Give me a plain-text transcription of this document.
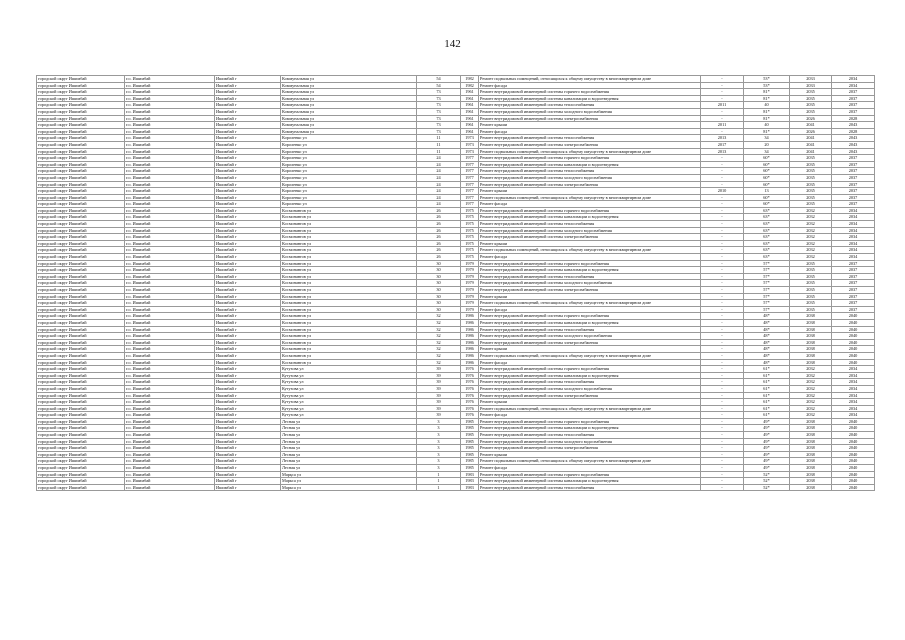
142
городской округ Ишимбай	г.о. Ишимбай	Ишимбай г	Коммунальная ул	54	1982	Ремонт подвальных помещений, относящихся к общему имуществу в многоквартирном доме	-	53*	2033	2034
городской округ Ишимбай	г.о. Ишимбай	Ишимбай г	Коммунальная ул	54	1982	Ремонт фасада	-	53*	2033	2034
городской округ Ишимбай	г.о. Ишимбай	Ишимбай г	Коммунальная ул	73	1961	Ремонт внутридомовой инженерной системы горячего водоснабжения	-	81*	2035	2037
городской округ Ишимбай	г.о. Ишимбай	Ишимбай г	Коммунальная ул	73	1961	Ремонт внутридомовой инженерной системы канализации и водоотведения	-	81*	2035	2037
городской округ Ишимбай	г.о. Ишимбай	Ишимбай г	Коммунальная ул	73	1961	Ремонт внутридомовой инженерной системы теплоснабжения	2011	40	2035	2037
городской округ Ишимбай	г.о. Ишимбай	Ишимбай г	Коммунальная ул	73	1961	Ремонт внутридомовой инженерной системы холодного водоснабжения	-	81*	2035	2037
городской округ Ишимбай	г.о. Ишимбай	Ишимбай г	Коммунальная ул	73	1961	Ремонт внутридомовой инженерной системы электроснабжения	-	81*	2026	2028
городской округ Ишимбай	г.о. Ишимбай	Ишимбай г	Коммунальная ул	73	1961	Ремонт крыши	2011	40	2041	2043
городской округ Ишимбай	г.о. Ишимбай	Ишимбай г	Коммунальная ул	73	1961	Ремонт фасада	-	81*	2026	2028
городской округ Ишимбай	г.о. Ишимбай	Ишимбай г	Короленко ул	11	1973	Ремонт внутридомовой инженерной системы теплоснабжения	2013	34	2041	2043
городской округ Ишимбай	г.о. Ишимбай	Ишимбай г	Короленко ул	11	1973	Ремонт внутридомовой инженерной системы электроснабжения	2017	20	2041	2043
городской округ Ишимбай	г.о. Ишимбай	Ишимбай г	Короленко ул	11	1973	Ремонт подвальных помещений, относящихся к общему имуществу в многоквартирном доме	2013	34	2041	2043
городской округ Ишимбай	г.о. Ишимбай	Ишимбай г	Короленко ул	24	1977	Ремонт внутридомовой инженерной системы горячего водоснабжения	-	60*	2035	2037
городской округ Ишимбай	г.о. Ишимбай	Ишимбай г	Короленко ул	24	1977	Ремонт внутридомовой инженерной системы канализации и водоотведения	-	60*	2035	2037
городской округ Ишимбай	г.о. Ишимбай	Ишимбай г	Короленко ул	24	1977	Ремонт внутридомовой инженерной системы теплоснабжения	-	60*	2035	2037
городской округ Ишимбай	г.о. Ишимбай	Ишимбай г	Короленко ул	24	1977	Ремонт внутридомовой инженерной системы холодного водоснабжения	-	60*	2035	2037
городской округ Ишимбай	г.о. Ишимбай	Ишимбай г	Короленко ул	24	1977	Ремонт внутридомовой инженерной системы электроснабжения	-	60*	2035	2037
городской округ Ишимбай	г.о. Ишимбай	Ишимбай г	Короленко ул	24	1977	Ремонт крыши	2010	13	2035	2037
городской округ Ишимбай	г.о. Ишимбай	Ишимбай г	Короленко ул	24	1977	Ремонт подвальных помещений, относящихся к общему имуществу в многоквартирном доме	-	60*	2035	2037
городской округ Ишимбай	г.о. Ишимбай	Ишимбай г	Короленко ул	24	1977	Ремонт фасада	-	60*	2035	2037
городской округ Ишимбай	г.о. Ишимбай	Ишимбай г	Космонавтов ул	26	1975	Ремонт внутридомовой инженерной системы горячего водоснабжения	-	63*	2032	2034
городской округ Ишимбай	г.о. Ишимбай	Ишимбай г	Космонавтов ул	26	1975	Ремонт внутридомовой инженерной системы канализации и водоотведения	-	63*	2032	2034
городской округ Ишимбай	г.о. Ишимбай	Ишимбай г	Космонавтов ул	26	1975	Ремонт внутридомовой инженерной системы теплоснабжения	-	63*	2032	2034
городской округ Ишимбай	г.о. Ишимбай	Ишимбай г	Космонавтов ул	26	1975	Ремонт внутридомовой инженерной системы холодного водоснабжения	-	63*	2032	2034
городской округ Ишимбай	г.о. Ишимбай	Ишимбай г	Космонавтов ул	26	1975	Ремонт внутридомовой инженерной системы электроснабжения	-	63*	2032	2034
городской округ Ишимбай	г.о. Ишимбай	Ишимбай г	Космонавтов ул	26	1975	Ремонт крыши	-	63*	2032	2034
городской округ Ишимбай	г.о. Ишимбай	Ишимбай г	Космонавтов ул	26	1975	Ремонт подвальных помещений, относящихся к общему имуществу в многоквартирном доме	-	63*	2032	2034
городской округ Ишимбай	г.о. Ишимбай	Ишимбай г	Космонавтов ул	26	1975	Ремонт фасада	-	63*	2032	2034
городской округ Ишимбай	г.о. Ишимбай	Ишимбай г	Космонавтов ул	30	1979	Ремонт внутридомовой инженерной системы горячего водоснабжения	-	57*	2035	2037
городской округ Ишимбай	г.о. Ишимбай	Ишимбай г	Космонавтов ул	30	1979	Ремонт внутридомовой инженерной системы канализации и водоотведения	-	57*	2035	2037
городской округ Ишимбай	г.о. Ишимбай	Ишимбай г	Космонавтов ул	30	1979	Ремонт внутридомовой инженерной системы теплоснабжения	-	57*	2035	2037
городской округ Ишимбай	г.о. Ишимбай	Ишимбай г	Космонавтов ул	30	1979	Ремонт внутридомовой инженерной системы холодного водоснабжения	-	57*	2035	2037
городской округ Ишимбай	г.о. Ишимбай	Ишимбай г	Космонавтов ул	30	1979	Ремонт внутридомовой инженерной системы электроснабжения	-	57*	2035	2037
городской округ Ишимбай	г.о. Ишимбай	Ишимбай г	Космонавтов ул	30	1979	Ремонт крыши	-	57*	2035	2037
городской округ Ишимбай	г.о. Ишимбай	Ишимбай г	Космонавтов ул	30	1979	Ремонт подвальных помещений, относящихся к общему имуществу в многоквартирном доме	-	57*	2035	2037
городской округ Ишимбай	г.о. Ишимбай	Ишимбай г	Космонавтов ул	30	1979	Ремонт фасада	-	57*	2035	2037
городской округ Ишимбай	г.о. Ишимбай	Ишимбай г	Космонавтов ул	32	1986	Ремонт внутридомовой инженерной системы горячего водоснабжения	-	48*	2038	2040
городской округ Ишимбай	г.о. Ишимбай	Ишимбай г	Космонавтов ул	32	1986	Ремонт внутридомовой инженерной системы канализации и водоотведения	-	48*	2038	2040
городской округ Ишимбай	г.о. Ишимбай	Ишимбай г	Космонавтов ул	32	1986	Ремонт внутридомовой инженерной системы теплоснабжения	-	48*	2038	2040
городской округ Ишимбай	г.о. Ишимбай	Ишимбай г	Космонавтов ул	32	1986	Ремонт внутридомовой инженерной системы холодного водоснабжения	-	48*	2038	2040
городской округ Ишимбай	г.о. Ишимбай	Ишимбай г	Космонавтов ул	32	1986	Ремонт внутридомовой инженерной системы электроснабжения	-	48*	2038	2040
городской округ Ишимбай	г.о. Ишимбай	Ишимбай г	Космонавтов ул	32	1986	Ремонт крыши	-	48*	2038	2040
городской округ Ишимбай	г.о. Ишимбай	Ишимбай г	Космонавтов ул	32	1986	Ремонт подвальных помещений, относящихся к общему имуществу в многоквартирном доме	-	48*	2038	2040
городской округ Ишимбай	г.о. Ишимбай	Ишимбай г	Космонавтов ул	32	1986	Ремонт фасада	-	48*	2038	2040
городской округ Ишимбай	г.о. Ишимбай	Ишимбай г	Кутузова ул	39	1976	Ремонт внутридомовой инженерной системы горячего водоснабжения	-	61*	2032	2034
городской округ Ишимбай	г.о. Ишимбай	Ишимбай г	Кутузова ул	39	1976	Ремонт внутридомовой инженерной системы канализации и водоотведения	-	61*	2032	2034
городской округ Ишимбай	г.о. Ишимбай	Ишимбай г	Кутузова ул	39	1976	Ремонт внутридомовой инженерной системы теплоснабжения	-	61*	2032	2034
городской округ Ишимбай	г.о. Ишимбай	Ишимбай г	Кутузова ул	39	1976	Ремонт внутридомовой инженерной системы холодного водоснабжения	-	61*	2032	2034
городской округ Ишимбай	г.о. Ишимбай	Ишимбай г	Кутузова ул	39	1976	Ремонт внутридомовой инженерной системы электроснабжения	-	61*	2032	2034
городской округ Ишимбай	г.о. Ишимбай	Ишимбай г	Кутузова ул	39	1976	Ремонт крыши	-	61*	2032	2034
городской округ Ишимбай	г.о. Ишимбай	Ишимбай г	Кутузова ул	39	1976	Ремонт подвальных помещений, относящихся к общему имуществу в многоквартирном доме	-	61*	2032	2034
городской округ Ишимбай	г.о. Ишимбай	Ишимбай г	Кутузова ул	39	1976	Ремонт фасада	-	61*	2032	2034
городской округ Ишимбай	г.о. Ишимбай	Ишимбай г	Лесная ул	3	1985	Ремонт внутридомовой инженерной системы горячего водоснабжения	-	49*	2038	2040
городской округ Ишимбай	г.о. Ишимбай	Ишимбай г	Лесная ул	3	1985	Ремонт внутридомовой инженерной системы канализации и водоотведения	-	49*	2038	2040
городской округ Ишимбай	г.о. Ишимбай	Ишимбай г	Лесная ул	3	1985	Ремонт внутридомовой инженерной системы теплоснабжения	-	49*	2038	2040
городской округ Ишимбай	г.о. Ишимбай	Ишимбай г	Лесная ул	3	1985	Ремонт внутридомовой инженерной системы холодного водоснабжения	-	49*	2038	2040
городской округ Ишимбай	г.о. Ишимбай	Ишимбай г	Лесная ул	3	1985	Ремонт внутридомовой инженерной системы электроснабжения	-	49*	2038	2040
городской округ Ишимбай	г.о. Ишимбай	Ишимбай г	Лесная ул	3	1985	Ремонт крыши	-	49*	2038	2040
городской округ Ишимбай	г.о. Ишимбай	Ишимбай г	Лесная ул	3	1985	Ремонт подвальных помещений, относящихся к общему имуществу в многоквартирном доме	-	49*	2038	2040
городской округ Ишимбай	г.о. Ишимбай	Ишимбай г	Лесная ул	3	1985	Ремонт фасада	-	49*	2038	2040
городской округ Ишимбай	г.о. Ишимбай	Ишимбай г	Марқса ул	1	1983	Ремонт внутридомовой инженерной системы горячего водоснабжения	-	52*	2038	2040
городской округ Ишимбай	г.о. Ишимбай	Ишимбай г	Маркса ул	1	1983	Ремонт внутридомовой инженерной системы канализации и водоотведения	-	52*	2038	2040
городской округ Ишимбай	г.о. Ишимбай	Ишимбай г	Маркса ул	1	1983	Ремонт внутридомовой инженерной системы теплоснабжения	-	52*	2038	2040
